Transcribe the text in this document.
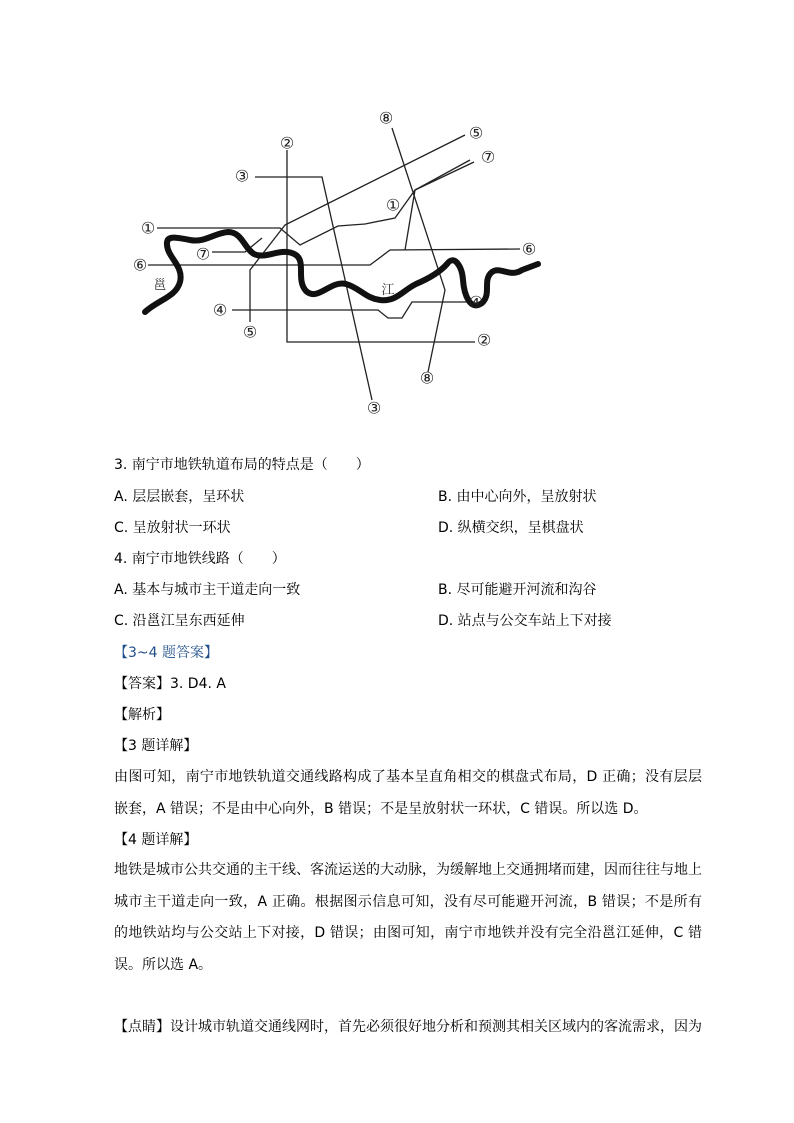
①
①
②
②
③
③
④	④
⑤
⑤
⑥
⑥
⑦
⑦
⑧
⑧
邕	江
3. 南宁市地铁轨道布局的特点是（　　）
A. 层层嵌套，呈环状	B. 由中心向外，呈放射状
C. 呈放射状一环状	D. 纵横交织，呈棋盘状
4. 南宁市地铁线路（　　）
A. 基本与城市主干道走向一致	B. 尽可能避开河流和沟谷
C. 沿邕江呈东西延伸	D. 站点与公交车站上下对接
【3~4 题答案】
【答案】3. D4. A
【解析】
【3 题详解】
由图可知，南宁市地铁轨道交通线路构成了基本呈直角相交的棋盘式布局，D 正确；没有层层嵌套，A 错误；不是由中心向外，B 错误；不是呈放射状一环状，C 错误。所以选 D。
【4 题详解】
地铁是城市公共交通的主干线、客流运送的大动脉，为缓解地上交通拥堵而建，因而往往与地上城市主干道走向一致，A 正确。根据图示信息可知，没有尽可能避开河流，B 错误；不是所有的地铁站均与公交站上下对接，D 错误；由图可知，南宁市地铁并没有完全沿邕江延伸，C 错误。所以选 A。
【点睛】设计城市轨道交通线网时，首先必须很好地分析和预测其相关区域内的客流需求，因为
